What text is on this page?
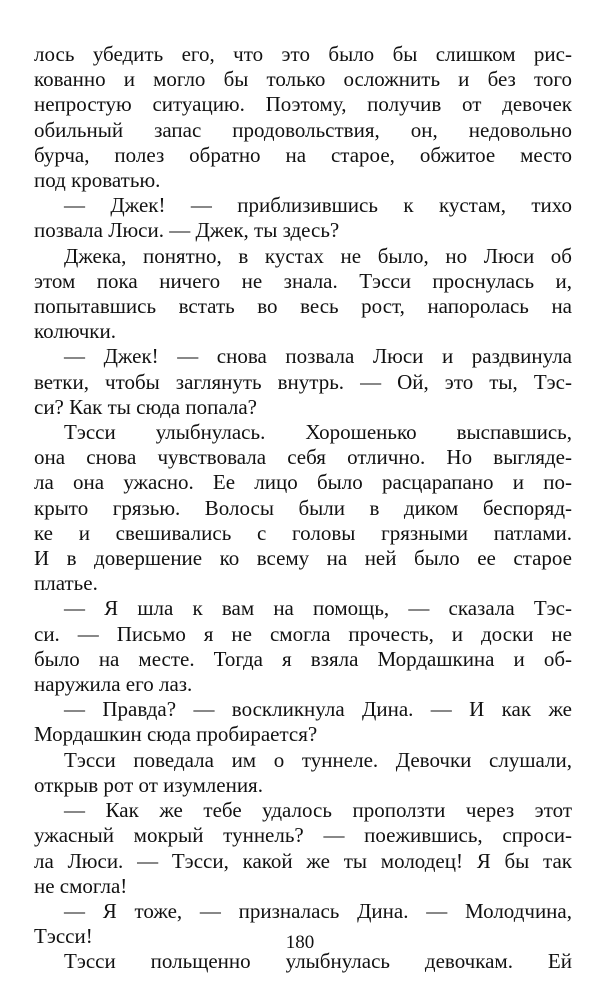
лось убедить его, что это было бы слишком рис-
кованно и могло бы только осложнить и без того
непростую ситуацию. Поэтому, получив от девочек
обильный запас продовольствия, он, недовольно
бурча, полез обратно на старое, обжитое место
под кроватью.
— Джек! — приблизившись к кустам, тихо
позвала Люси. — Джек, ты здесь?
Джека, понятно, в кустах не было, но Люси об
этом пока ничего не знала. Тэсси проснулась и,
попытавшись встать во весь рост, напоролась на
колючки.
— Джек! — снова позвала Люси и раздвинула
ветки, чтобы заглянуть внутрь. — Ой, это ты, Тэс-
си? Как ты сюда попала?
Тэсси улыбнулась. Хорошенько выспавшись,
она снова чувствовала себя отлично. Но выгляде-
ла она ужасно. Ее лицо было расцарапано и по-
крыто грязью. Волосы были в диком беспоряд-
ке и свешивались с головы грязными патлами.
И в довершение ко всему на ней было ее старое
платье.
— Я шла к вам на помощь, — сказала Тэс-
си. — Письмо я не смогла прочесть, и доски не
было на месте. Тогда я взяла Мордашкина и об-
наружила его лаз.
— Правда? — воскликнула Дина. — И как же
Мордашкин сюда пробирается?
Тэсси поведала им о туннеле. Девочки слушали,
открыв рот от изумления.
— Как же тебе удалось проползти через этот
ужасный мокрый туннель? — поежившись, спроси-
ла Люси. — Тэсси, какой же ты молодец! Я бы так
не смогла!
— Я тоже, — призналась Дина. — Молодчина,
Тэсси!
Тэсси польщенно улыбнулась девочкам. Ей
180
